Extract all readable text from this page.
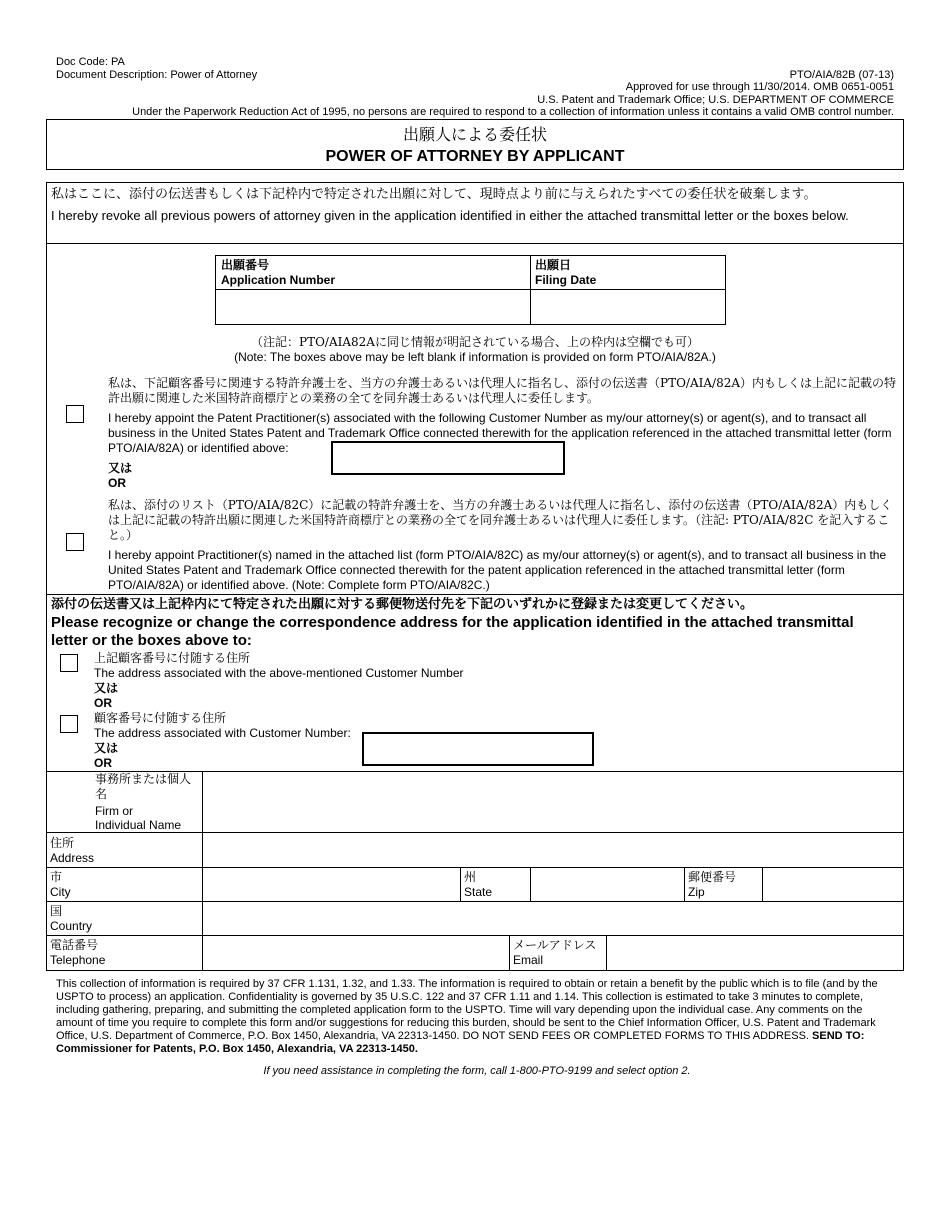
Doc Code: PA
Document Description: Power of Attorney	PTO/AIA/82B (07-13)
Approved for use through 11/30/2014. OMB 0651-0051
U.S. Patent and Trademark Office; U.S. DEPARTMENT OF COMMERCE
Under the Paperwork Reduction Act of 1995, no persons are required to respond to a collection of information unless it contains a valid OMB control number.
出願人による委任状
POWER OF ATTORNEY BY APPLICANT
私はここに、添付の伝送書もしくは下記枠内で特定された出願に対して、現時点より前に与えられたすべての委任状を破棄します。
I hereby revoke all previous powers of attorney given in the application identified in either the attached transmittal letter or the boxes below.
出願番号
Application Number
出願日
Filing Date
（注記：PTO/AIA82Aに同じ情報が明記されている場合、上の枠内は空欄でも可）
(Note: The boxes above may be left blank if information is provided on form PTO/AIA/82A.)
私は、下記顧客番号に関連する特許弁護士を、当方の弁護士あるいは代理人に指名し、添付の伝送書（PTO/AIA/82A）内もしくは上記に記載の特許出願に関連した米国特許商標庁との業務の全てを同弁護士あるいは代理人に委任します。
I hereby appoint the Patent Practitioner(s) associated with the following Customer Number as my/our attorney(s) or agent(s), and to transact all business in the United States Patent and Trademark Office connected therewith for the application referenced in the attached transmittal letter (form PTO/AIA/82A) or identified above:
又は
OR
私は、添付のリスト（PTO/AIA/82C）に記載の特許弁護士を、当方の弁護士あるいは代理人に指名し、添付の伝送書（PTO/AIA/82A）内もしくは上記に記載の特許出願に関連した米国特許商標庁との業務の全てを同弁護士あるいは代理人に委任します。（注記: PTO/AIA/82C を記入すること。）
I hereby appoint Practitioner(s) named in the attached list (form PTO/AIA/82C) as my/our attorney(s) or agent(s), and to transact all business in the United States Patent and Trademark Office connected therewith for the patent application referenced in the attached transmittal letter (form PTO/AIA/82A) or identified above. (Note: Complete form PTO/AIA/82C.)
添付の伝送書又は上記枠内にて特定された出願に対する郵便物送付先を下記のいずれかに登録または変更してください。
Please recognize or change the correspondence address for the application identified in the attached transmittal letter or the boxes above to:
上記顧客番号に付随する住所
The address associated with the above-mentioned Customer Number
又は
OR
顧客番号に付随する住所
The address associated with Customer Number:
又は
OR
事務所または個人名
Firm or
Individual Name
住所
Address
市
City
州
State
郵便番号
Zip
国
Country
電話番号
Telephone
メールアドレス
Email
This collection of information is required by 37 CFR 1.131, 1.32, and 1.33. The information is required to obtain or retain a benefit by the public which is to file (and by the USPTO to process) an application. Confidentiality is governed by 35 U.S.C. 122 and 37 CFR 1.11 and 1.14. This collection is estimated to take 3 minutes to complete, including gathering, preparing, and submitting the completed application form to the USPTO. Time will vary depending upon the individual case. Any comments on the amount of time you require to complete this form and/or suggestions for reducing this burden, should be sent to the Chief Information Officer, U.S. Patent and Trademark Office, U.S. Department of Commerce, P.O. Box 1450, Alexandria, VA 22313-1450. DO NOT SEND FEES OR COMPLETED FORMS TO THIS ADDRESS. SEND TO: Commissioner for Patents, P.O. Box 1450, Alexandria, VA 22313-1450.
If you need assistance in completing the form, call 1-800-PTO-9199 and select option 2.
